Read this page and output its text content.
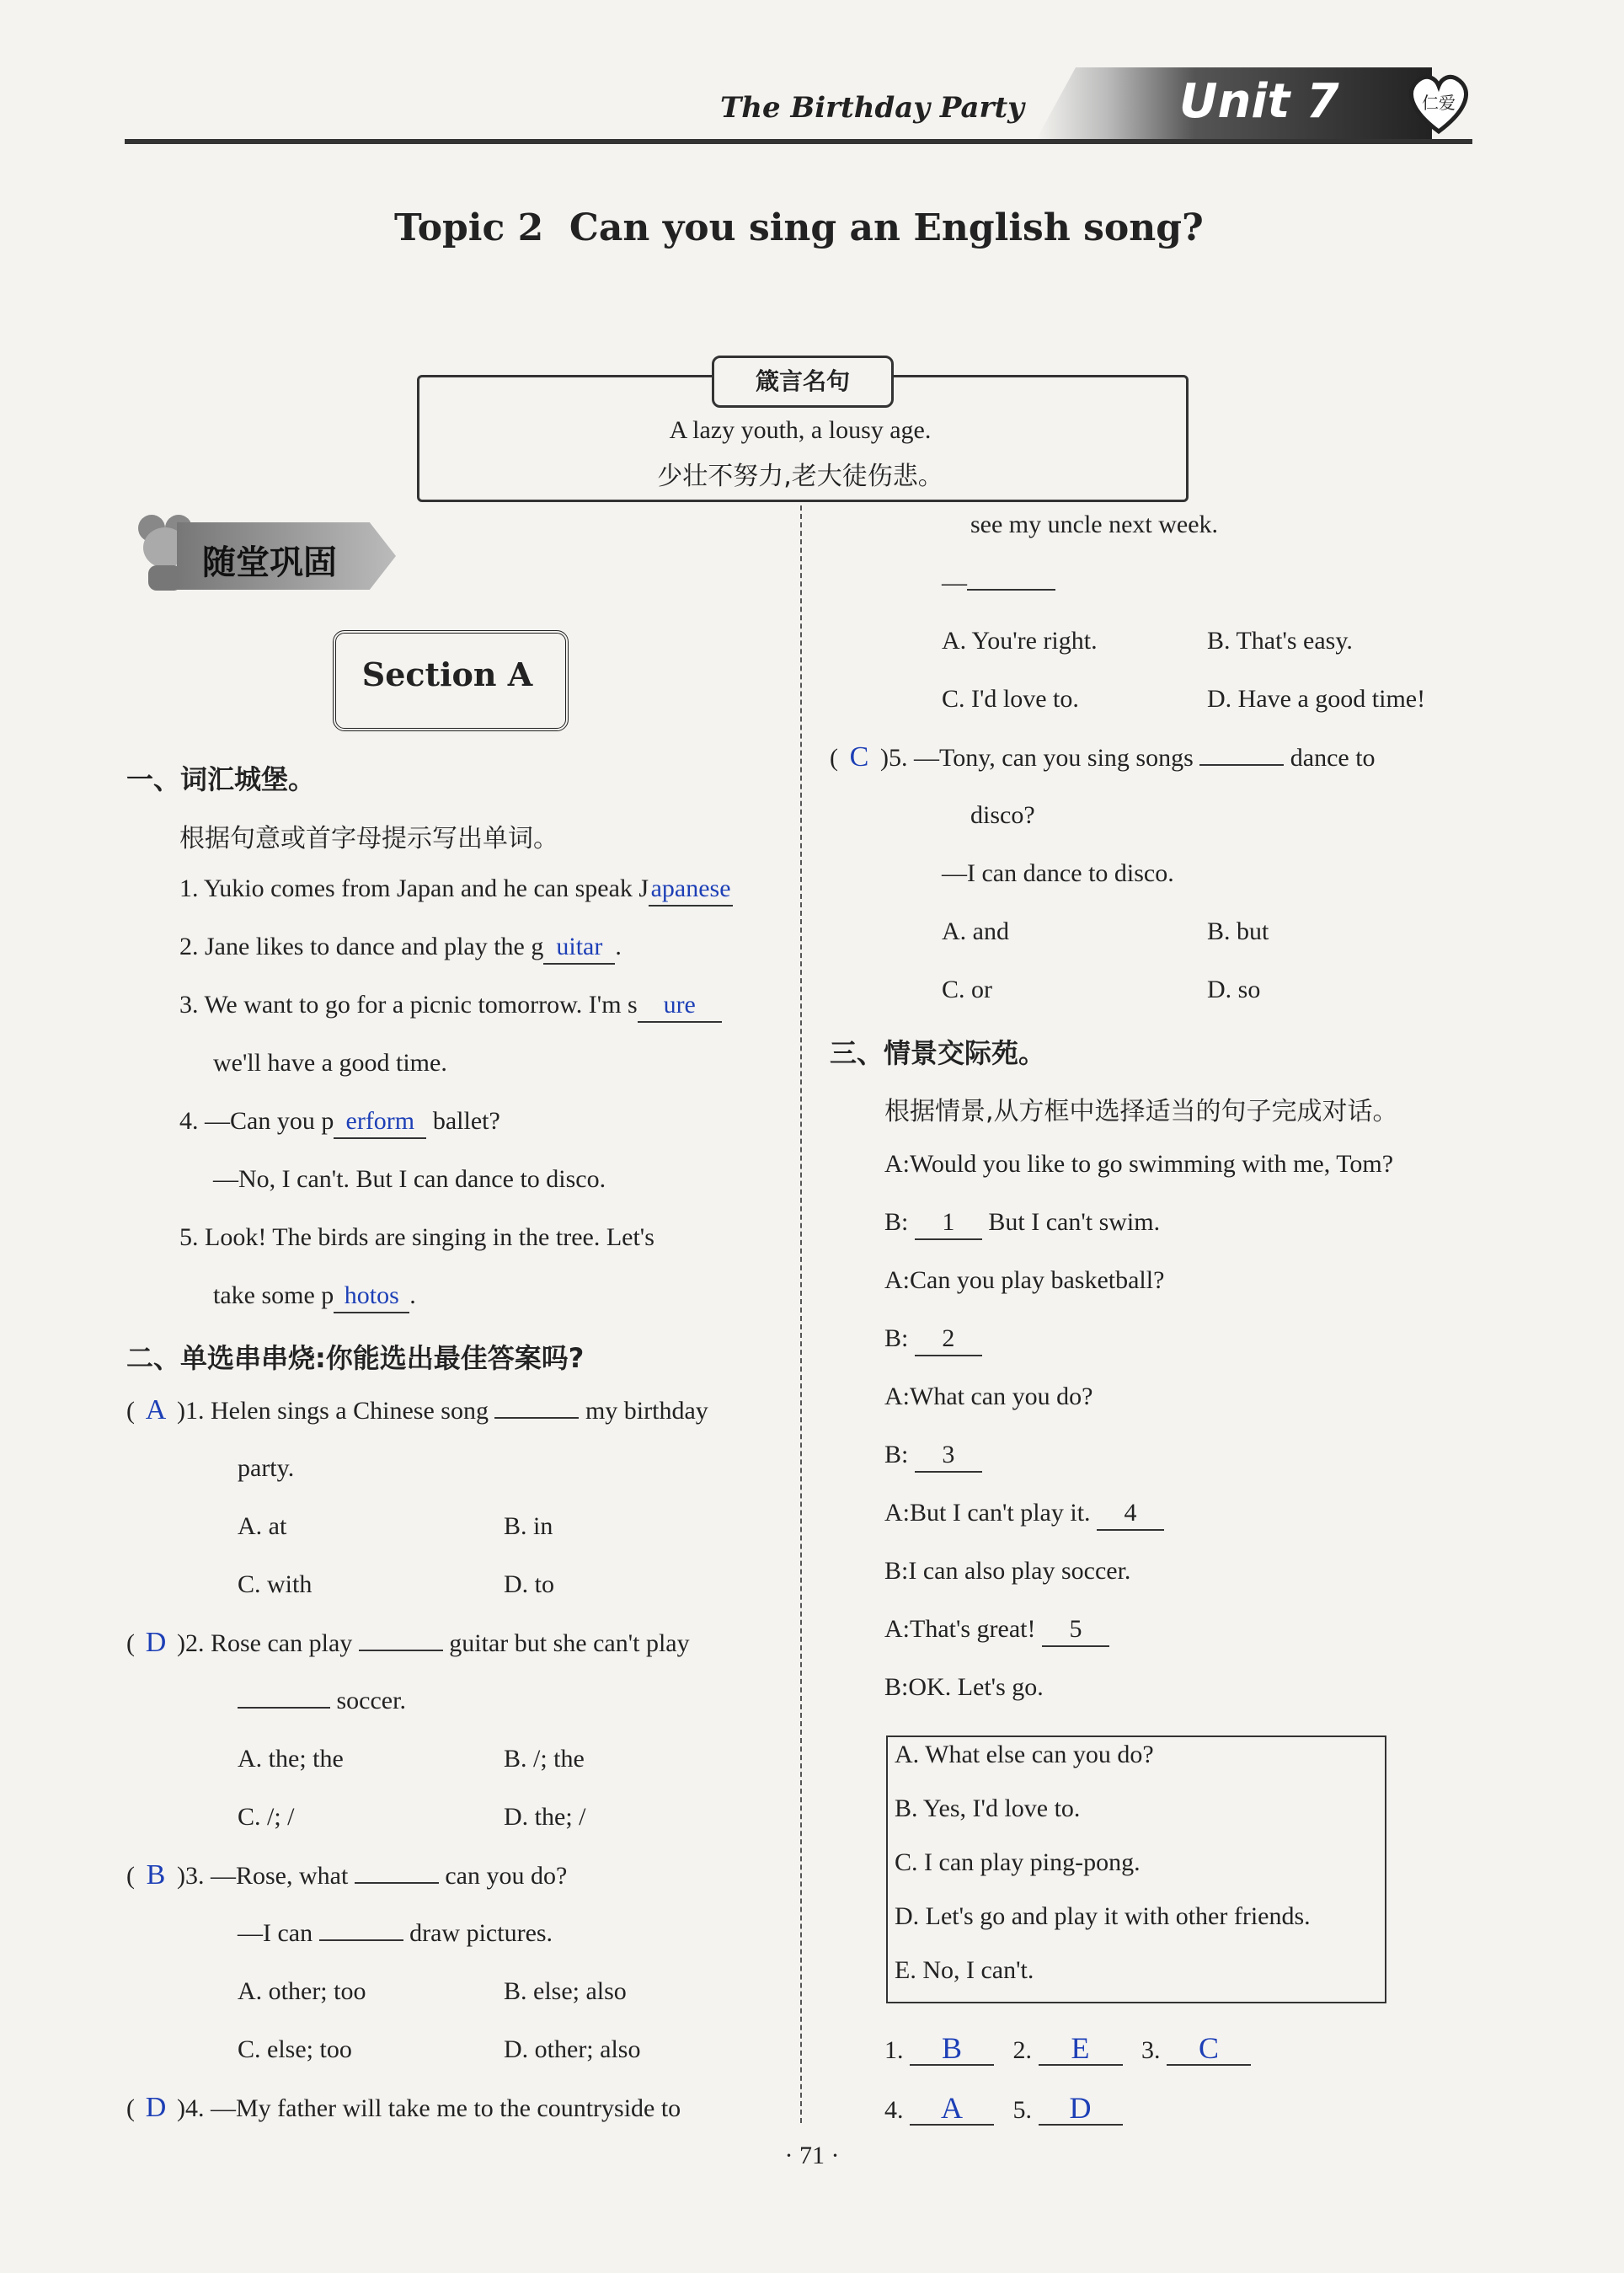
The Birthday Party	Unit 7	仁爱
Topic 2  Can you sing an English song?
箴言名句
A lazy youth, a lousy age.
少壮不努力,老大徒伤悲。
随堂巩固
Section A
一、词汇城堡。
根据句意或首字母提示写出单词。
1. Yukio comes from Japan and he can speak Japanese
2. Jane likes to dance and play the g uitar .
3. We want to go for a picnic tomorrow. I'm s ure
we'll have a good time.
4. —Can you p erform ballet?
—No, I can't. But I can dance to disco.
5. Look! The birds are singing in the tree. Let's
take some p hotos .
二、单选串串烧:你能选出最佳答案吗?
( A )1. Helen sings a Chinese song	my birthday
party.
A. at	B. in
C. with	D. to
( D )2. Rose can play	guitar but she can't play
soccer.
A. the; the	B. /; the
C. /; /	D. the; /
( B )3. —Rose, what	can you do?
—I can	draw pictures.
A. other; too	B. else; also
C. else; too	D. other; also
( D )4. —My father will take me to the countryside to
see my uncle next week.
—
A. You're right.	B. That's easy.
C. I'd love to.	D. Have a good time!
( C )5. —Tony, can you sing songs	dance to
disco?
—I can dance to disco.
A. and	B. but
C. or	D. so
三、情景交际苑。
根据情景,从方框中选择适当的句子完成对话。
A:Would you like to go swimming with me, Tom?
B: 1 But I can't swim.
A:Can you play basketball?
B: 2
A:What can you do?
B: 3
A:But I can't play it. 4
B:I can also play soccer.
A:That's great! 5
B:OK. Let's go.
A. What else can you do?
B. Yes, I'd love to.
C. I can play ping-pong.
D. Let's go and play it with other friends.
E. No, I can't.
1. B 2. E 3. C
4. A 5. D
· 71 ·
